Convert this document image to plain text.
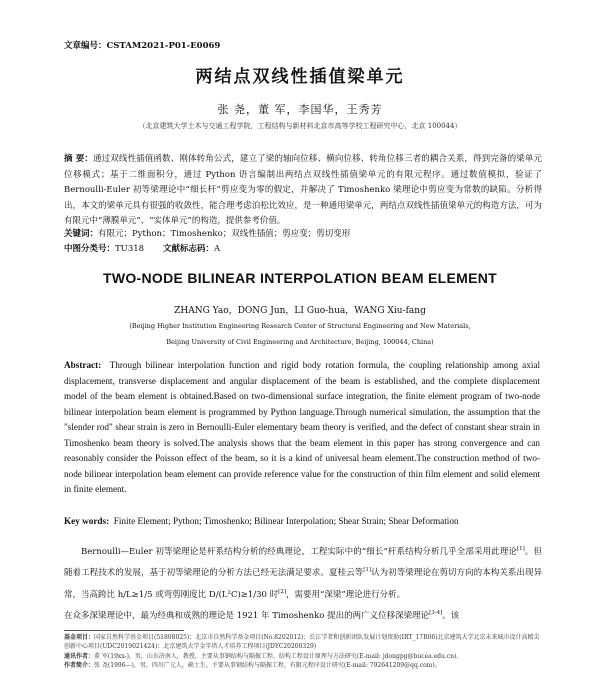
文章编号：CSTAM2021-P01-E0069
两结点双线性插值梁单元
张 尧，董 军，李国华，王秀芳
（北京建筑大学土木与交通工程学院，工程结构与新材料北京市高等学校工程研究中心，北京 100044）
摘 要：通过双线性插值函数、刚体转角公式，建立了梁的轴向位移、横向位移、转角位移三者的耦合关系，得到完备的梁单元位移模式；基于二维面积分，通过 Python 语言编制出两结点双线性插值梁单元的有限元程序。通过数值模拟，验证了 Bernoulli-Euler 初等梁理论中“细长杆”剪应变为零的假定，并解决了 Timoshenko 梁理论中剪应变为常数的缺陷。分析得出，本文的梁单元具有很强的收敛性，能合理考虑泊松比效应，是一种通用梁单元，两结点双线性插值梁单元的构造方法，可为有限元中“薄膜单元”、“实体单元”的构造，提供参考价值。
关键词：有限元；Python；Timoshenko；双线性插值；剪应变；剪切变形
中图分类号：TU318 文献标志码：A
TWO-NODE BILINEAR INTERPOLATION BEAM ELEMENT
ZHANG Yao，DONG Jun，LI Guo-hua，WANG Xiu-fang
(Beijing Higher Institution Engineering Research Center of Structural Engineering and New Materials,
Beijing University of Civil Engineering and Architecture, Beijing, 100044, China)
Abstract: Through bilinear interpolation function and rigid body rotation formula, the coupling relationship among axial displacement, transverse displacement and angular displacement of the beam is established, and the complete displacement model of the beam element is obtained.Based on two-dimensional surface integration, the finite element program of two-node bilinear interpolation beam element is programmed by Python language.Through numerical simulation, the assumption that the "slender rod" shear strain is zero in Bernoulli-Euler elementary beam theory is verified, and the defect of constant shear strain in Timoshenko beam theory is solved.The analysis shows that the beam element in this paper has strong convergence and can reasonably consider the Poisson effect of the beam, so it is a kind of universal beam element.The construction method of two-node bilinear interpolation beam element can provide reference value for the construction of thin film element and solid element in finite element.
Key words: Finite Element; Python; Timoshenko; Bilinear Interpolation; Shear Strain; Shear Deformation
Bernoulli—Euler 初等梁理论是杆系结构分析的经典理论，工程实际中的“细长”杆系结构分析几乎全部采用此理论[1]。但随着工程技术的发展，基于初等梁理论的分析方法已经无法满足要求。夏桂云等[1]认为初等梁理论在剪切方向的本构关系出现异常，当高跨比 h/L≥1/5 或弯剪刚度比 D/(L²C)≥1/30 时[2]，需要用“深梁”理论进行分析。
在众多深梁理论中，最为经典和成熟的理论是 1921 年 Timoshenko 提出的两广义位移深梁理论[3-4]。该
基金项目：国家自然科学基金项目(51808025)；北京市自然科学基金项目(No.8202012)；长江学者和创新团队发展计划资助(IRT_17R06)北京建筑大学北京未来城市设计高精尖创新中心项目(UDC2019021424)；北京建筑大学金字塔人才培养工程项目(JDYC20200329)
通讯作者：董 军(19xx-)，男，山东济南人，教授，主要从事钢结构与隔振工程、结构工程设计原理与方法研究(E-mail: jdongpg@bucea.edu.cn)。
作者简介：张 尧(1996—)，男，四川广元人，硕士生，主要从事钢结构与隔振工程、有限元程序设计研究(E-mail: 792641209@qq.com)。
